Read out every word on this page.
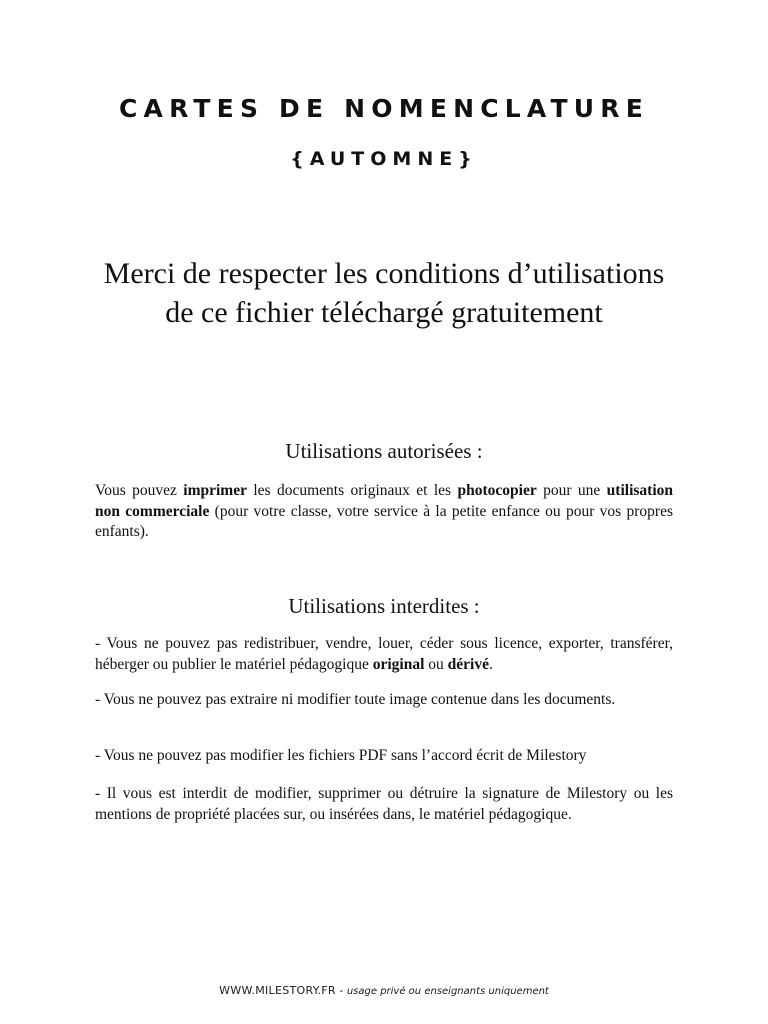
CARTES DE NOMENCLATURE
{AUTOMNE}

Merci de respecter les conditions d’utilisations
de ce fichier téléchargé gratuitement

Utilisations autorisées :

Vous pouvez imprimer les documents originaux et les photocopier pour une utilisation non commerciale (pour votre classe, votre service à la petite enfance ou pour vos propres enfants).

Utilisations interdites :

- Vous ne pouvez pas redistribuer, vendre, louer, céder sous licence, exporter, transférer, héberger ou publier le matériel pédagogique original ou dérivé.

- Vous ne pouvez pas extraire ni modifier toute image contenue dans les documents.

- Vous ne pouvez pas modifier les fichiers PDF sans l’accord écrit de Milestory

- Il vous est interdit de modifier, supprimer ou détruire la signature de Milestory ou les mentions de propriété placées sur, ou insérées dans, le matériel pédagogique.

WWW.MILESTORY.FR - usage privé ou enseignants uniquement
